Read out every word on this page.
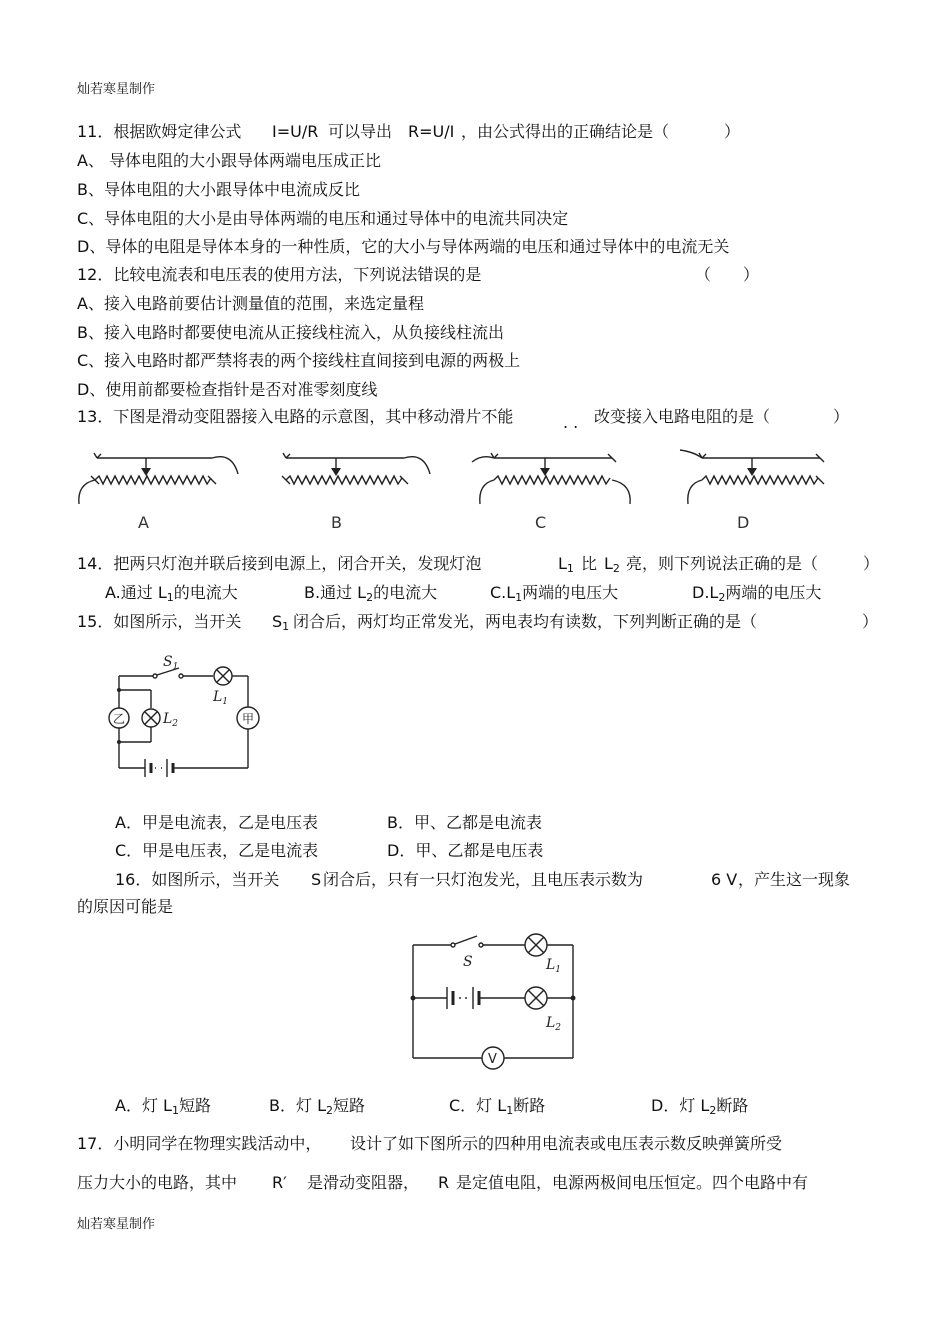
灿若寒星制作
11．根据欧姆定律公式 I=U/R 可以导出 R=U/I ，由公式得出的正确结论是（	）
A、 导体电阻的大小跟导体两端电压成正比
B、导体电阻的大小跟导体中电流成反比
C、导体电阻的大小是由导体两端的电压和通过导体中的电流共同决定
D、导体的电阻是导体本身的一种性质，它的大小与导体两端的电压和通过导体中的电流无关
12．比较电流表和电压表的使用方法，下列说法错误的是	（　　）
A、接入电路前要估计测量值的范围，来选定量程
B、接入电路时都要使电流从正接线柱流入，从负接线柱流出
C、接入电路时都严禁将表的两个接线柱直间接到电源的两极上
D、使用前都要检查指针是否对准零刻度线
13．下图是滑动变阻器接入电路的示意图，其中移动滑片不能	. . 改变接入电路电阻的是（	）
A	B	C	D
14．把两只灯泡并联后接到电源上，闭合开关，发现灯泡	$L_1$ 比 $L_2$ 亮，则下列说法正确的是（	）
A.通过 $L_1$的电流大	B.通过 $L_2$的电流大	$C.L_1$两端的电压大	$D.L_2$两端的电压大
15．如图所示，当开关 $S_1$ 闭合后，两灯均正常发光，两电表均有读数，下列判断正确的是（	）
$S_1$
$L_1$
$L_2$
乙	甲
A．甲是电流表，乙是电压表	B．甲、乙都是电流表
C．甲是电压表，乙是电流表	D．甲、乙都是电压表
16．如图所示，当开关 S 闭合后，只有一只灯泡发光，且电压表示数为	6 V ，产生这一现象
的原因可能是
S	$L_1$
$L_2$
V
A．灯 $L_1$短路	B．灯 $L_2$短路	C．灯 $L_1$断路	D．灯 $L_2$断路
17．小明同学在物理实践活动中， 设计了如下图所示的四种用电流表或电压表示数反映弹簧所受
压力大小的电路，其中 R′ 是滑动变阻器， R 是定值电阻，电源两极间电压恒定。四个电路中有
灿若寒星制作
